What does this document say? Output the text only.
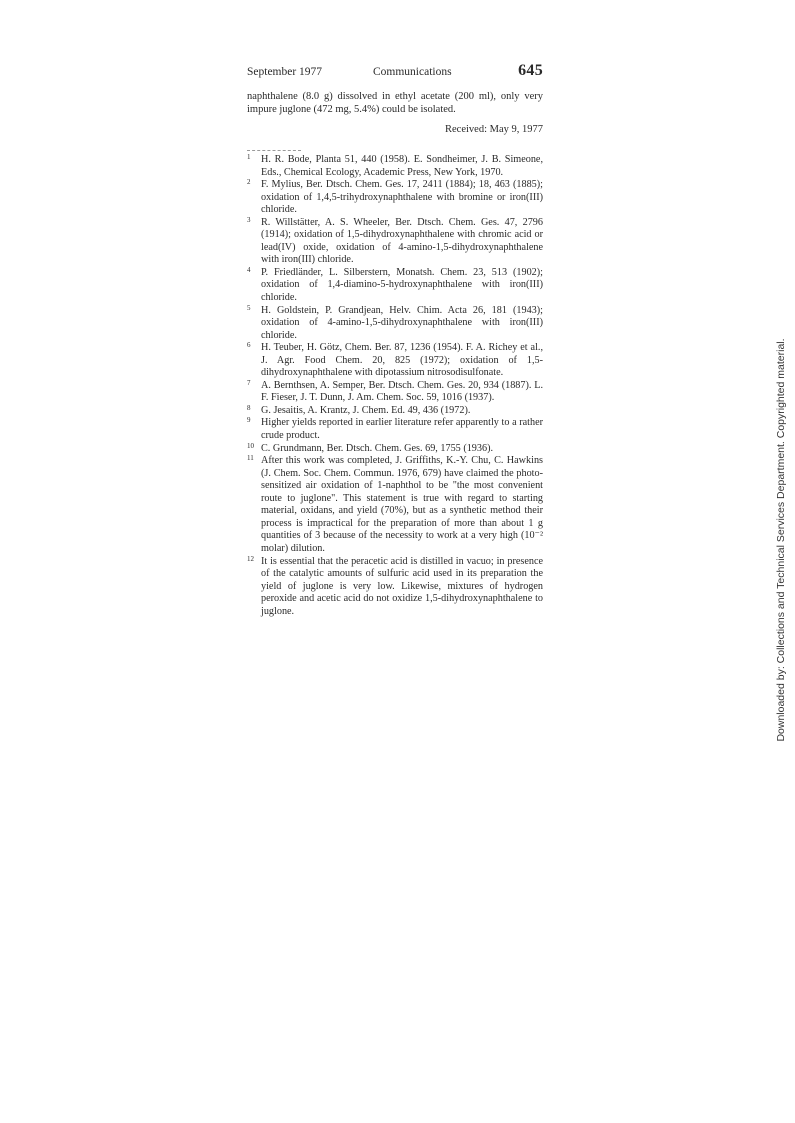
September 1977	Communications	645
naphthalene (8.0 g) dissolved in ethyl acetate (200 ml), only very impure juglone (472 mg, 5.4%) could be isolated.
Received: May 9, 1977
1 H. R. Bode, Planta 51, 440 (1958). E. Sondheimer, J. B. Simeone, Eds., Chemical Ecology, Academic Press, New York, 1970.
2 F. Mylius, Ber. Dtsch. Chem. Ges. 17, 2411 (1884); 18, 463 (1885); oxidation of 1,4,5-trihydroxynaphthalene with bromine or iron(III) chloride.
3 R. Willstätter, A. S. Wheeler, Ber. Dtsch. Chem. Ges. 47, 2796 (1914); oxidation of 1,5-dihydroxynaphthalene with chromic acid or lead(IV) oxide, oxidation of 4-amino-1,5-dihydroxynaphthalene with iron(III) chloride.
4 P. Friedländer, L. Silberstern, Monatsh. Chem. 23, 513 (1902); oxidation of 1,4-diamino-5-hydroxynaphthalene with iron(III) chloride.
5 H. Goldstein, P. Grandjean, Helv. Chim. Acta 26, 181 (1943); oxidation of 4-amino-1,5-dihydroxynaphthalene with iron(III) chloride.
6 H. Teuber, H. Götz, Chem. Ber. 87, 1236 (1954). F. A. Richey et al., J. Agr. Food Chem. 20, 825 (1972); oxidation of 1,5-dihydroxynaphthalene with dipotassium nitrosodisulfonate.
7 A. Bernthsen, A. Semper, Ber. Dtsch. Chem. Ges. 20, 934 (1887). L. F. Fieser, J. T. Dunn, J. Am. Chem. Soc. 59, 1016 (1937).
8 G. Jesaitis, A. Krantz, J. Chem. Ed. 49, 436 (1972).
9 Higher yields reported in earlier literature refer apparently to a rather crude product.
10 C. Grundmann, Ber. Dtsch. Chem. Ges. 69, 1755 (1936).
11 After this work was completed, J. Griffiths, K.-Y. Chu, C. Hawkins (J. Chem. Soc. Chem. Commun. 1976, 679) have claimed the photo-sensitized air oxidation of 1-naphthol to be "the most convenient route to juglone". This statement is true with regard to starting material, oxidans, and yield (70%), but as a synthetic method their process is impractical for the preparation of more than about 1 g quantities of 3 because of the necessity to work at a very high (10⁻² molar) dilution.
12 It is essential that the peracetic acid is distilled in vacuo; in presence of the catalytic amounts of sulfuric acid used in its preparation the yield of juglone is very low. Likewise, mixtures of hydrogen peroxide and acetic acid do not oxidize 1,5-dihydroxynaphthalene to juglone.	Downloaded by: Collections and Technical Services Department. Copyrighted material.
